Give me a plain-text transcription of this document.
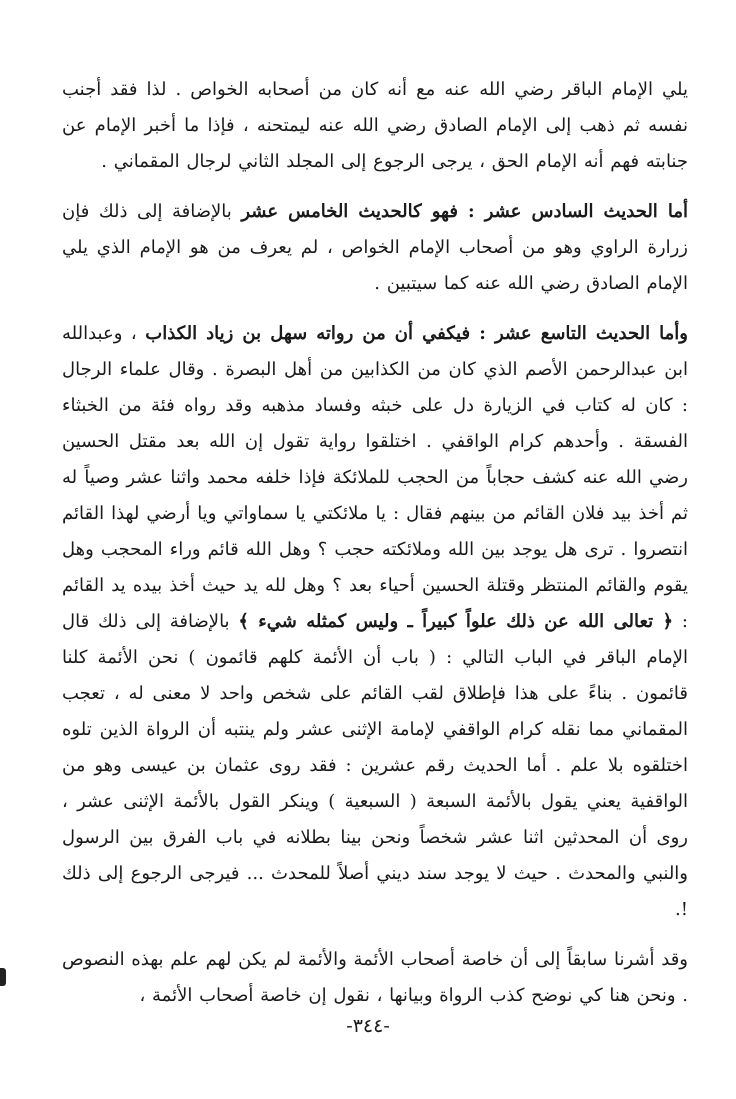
يلي الإمام الباقر رضي الله عنه مع أنه كان من أصحابه الخواص . لذا فقد أجنب نفسه ثم ذهب إلى الإمام الصادق رضي الله عنه ليمتحنه ، فإذا ما أخبر الإمام عن جنابته فهم أنه الإمام الحق ، يرجى الرجوع إلى المجلد الثاني لرجال المقماني .

أما الحديث السادس عشر : فهو كالحديث الخامس عشر بالإضافة إلى ذلك فإن زرارة الراوي وهو من أصحاب الإمام الخواص ، لم يعرف من هو الإمام الذي يلي الإمام الصادق رضي الله عنه كما سيتبين .

وأما الحديث التاسع عشر : فيكفي أن من رواته سهل بن زياد الكذاب ، وعبدالله ابن عبدالرحمن الأصم الذي كان من الكذابين من أهل البصرة . وقال علماء الرجال : كان له كتاب في الزيارة دل على خبثه وفساد مذهبه وقد رواه فئة من الخبثاء الفسقة . وأحدهم كرام الواقفي . اختلقوا رواية تقول إن الله بعد مقتل الحسين رضي الله عنه كشف حجاباً من الحجب للملائكة فإذا خلفه محمد واثنا عشر وصياً له ثم أخذ بيد فلان القائم من بينهم فقال : يا ملائكتي يا سماواتي ويا أرضي لهذا القائم انتصروا . ترى هل يوجد بين الله وملائكته حجب ؟ وهل الله قائم وراء المحجب وهل يقوم والقائم المنتظر وقتلة الحسين أحياء بعد ؟ وهل لله يد حيث أخذ بيده يد القائم : ﴿ تعالى الله عن ذلك علواً كبيراً ـ وليس كمثله شيء ﴾ بالإضافة إلى ذلك قال الإمام الباقر في الباب التالي : ( باب أن الأئمة كلهم قائمون ) نحن الأئمة كلنا قائمون . بناءً على هذا فإطلاق لقب القائم على شخص واحد لا معنى له ، تعجب المقماني مما نقله كرام الواقفي لإمامة الإثنى عشر ولم ينتبه أن الرواة الذين تلوه اختلقوه بلا علم . أما الحديث رقم عشرين : فقد روى عثمان بن عيسى وهو من الواقفية يعني يقول بالأئمة السبعة ( السبعية ) وينكر القول بالأئمة الإثنى عشر ، روى أن المحدثين اثنا عشر شخصاً ونحن بينا بطلانه في باب الفرق بين الرسول والنبي والمحدث . حيث لا يوجد سند ديني أصلاً للمحدث ... فيرجى الرجوع إلى ذلك !.

وقد أشرنا سابقاً إلى أن خاصة أصحاب الأئمة والأئمة لم يكن لهم علم بهذه النصوص . ونحن هنا كي نوضح كذب الرواة وبيانها ، نقول إن خاصة أصحاب الأئمة ،

-٣٤٤-
